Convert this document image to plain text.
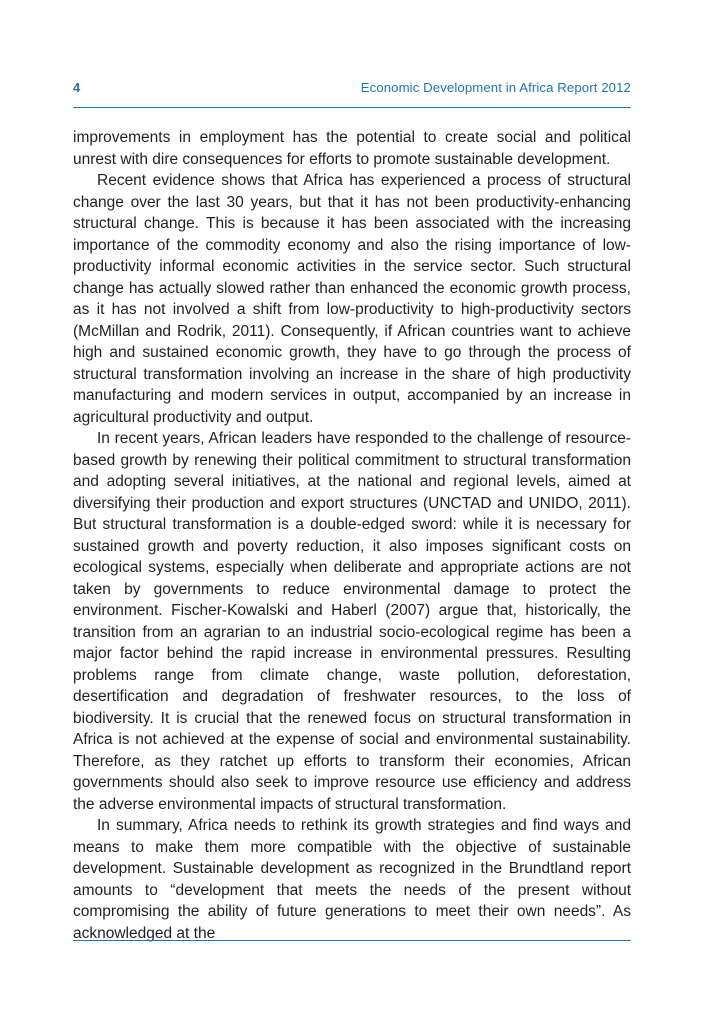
4	Economic Development in Africa Report 2012

improvements in employment has the potential to create social and political unrest with dire consequences for efforts to promote sustainable development.

Recent evidence shows that Africa has experienced a process of structural change over the last 30 years, but that it has not been productivity-enhancing structural change. This is because it has been associated with the increasing importance of the commodity economy and also the rising importance of low-productivity informal economic activities in the service sector. Such structural change has actually slowed rather than enhanced the economic growth process, as it has not involved a shift from low-productivity to high-productivity sectors (McMillan and Rodrik, 2011). Consequently, if African countries want to achieve high and sustained economic growth, they have to go through the process of structural transformation involving an increase in the share of high productivity manufacturing and modern services in output, accompanied by an increase in agricultural productivity and output.

In recent years, African leaders have responded to the challenge of resource-based growth by renewing their political commitment to structural transformation and adopting several initiatives, at the national and regional levels, aimed at diversifying their production and export structures (UNCTAD and UNIDO, 2011). But structural transformation is a double-edged sword: while it is necessary for sustained growth and poverty reduction, it also imposes significant costs on ecological systems, especially when deliberate and appropriate actions are not taken by governments to reduce environmental damage to protect the environment. Fischer-Kowalski and Haberl (2007) argue that, historically, the transition from an agrarian to an industrial socio-ecological regime has been a major factor behind the rapid increase in environmental pressures. Resulting problems range from climate change, waste pollution, deforestation, desertification and degradation of freshwater resources, to the loss of biodiversity. It is crucial that the renewed focus on structural transformation in Africa is not achieved at the expense of social and environmental sustainability. Therefore, as they ratchet up efforts to transform their economies, African governments should also seek to improve resource use efficiency and address the adverse environmental impacts of structural transformation.

In summary, Africa needs to rethink its growth strategies and find ways and means to make them more compatible with the objective of sustainable development. Sustainable development as recognized in the Brundtland report amounts to “development that meets the needs of the present without compromising the ability of future generations to meet their own needs”. As acknowledged at the
